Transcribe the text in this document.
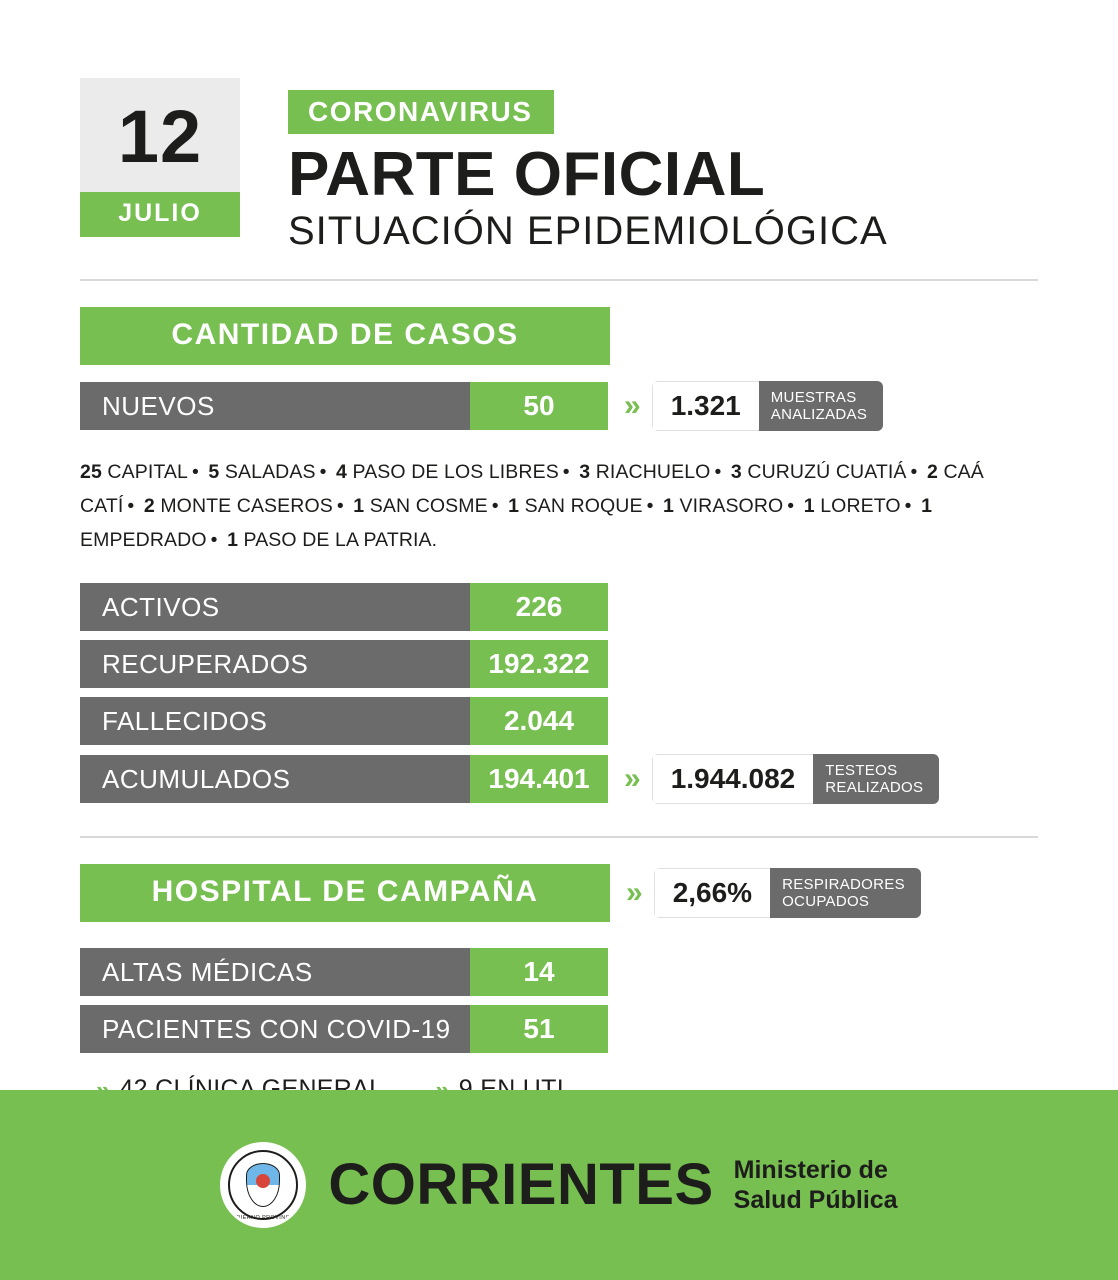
12
JULIO
CORONAVIRUS
PARTE OFICIAL
SITUACIÓN EPIDEMIOLÓGICA
CANTIDAD DE CASOS
NUEVOS	50	»	1.321	MUESTRAS
ANALIZADAS
25 CAPITAL • 5 SALADAS • 4 PASO DE LOS LIBRES • 3 RIACHUELO • 3 CURUZÚ CUATIÁ • 2 CAÁ CATÍ • 2 MONTE CASEROS • 1 SAN COSME • 1 SAN ROQUE • 1 VIRASORO • 1 LORETO • 1 EMPEDRADO • 1 PASO DE LA PATRIA.
ACTIVOS	226
RECUPERADOS	192.322
FALLECIDOS	2.044
ACUMULADOS	194.401	»	1.944.082	TESTEOS
REALIZADOS
HOSPITAL DE CAMPAÑA	»	2,66%	RESPIRADORES
OCUPADOS
ALTAS MÉDICAS	14
PACIENTES CON COVID-19	51
GOBIERNO PROVINCIAL
CORRIENTES Ministerio de
Salud Pública
